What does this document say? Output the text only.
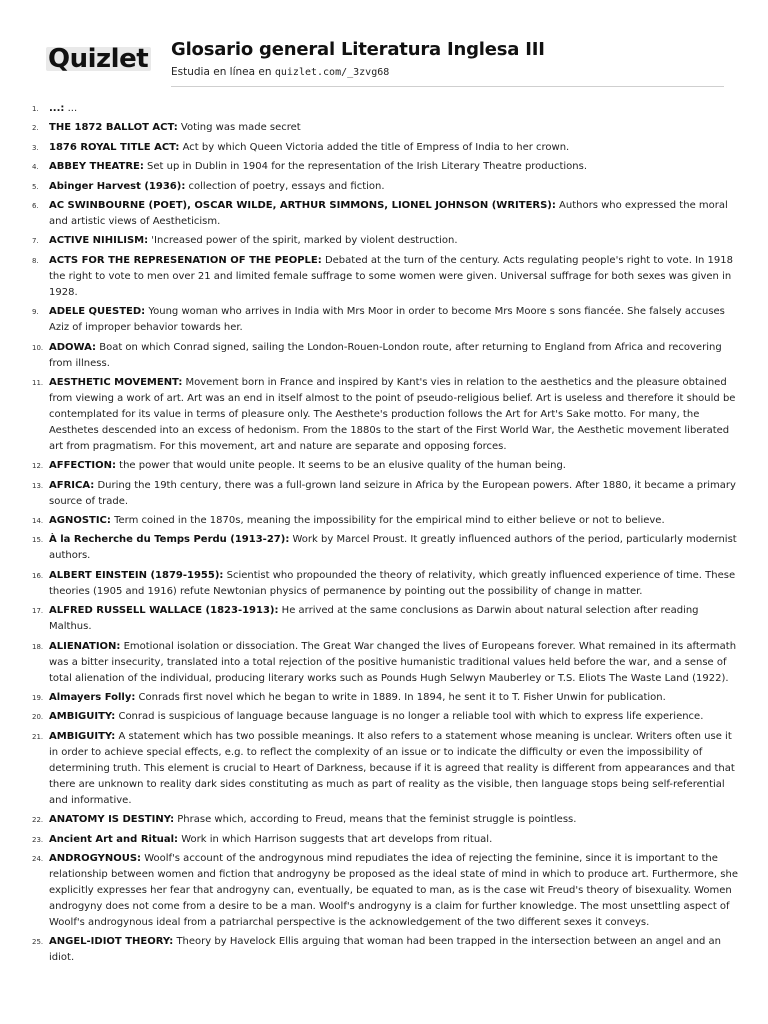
Quizlet Glosario general Literatura Inglesa III
Estudia en línea en quizlet.com/_3zvg68
1. ...: ...
2. THE 1872 BALLOT ACT: Voting was made secret
3. 1876 ROYAL TITLE ACT: Act by which Queen Victoria added the title of Empress of India to her crown.
4. ABBEY THEATRE: Set up in Dublin in 1904 for the representation of the Irish Literary Theatre productions.
5. Abinger Harvest (1936): collection of poetry, essays and fiction.
6. AC SWINBOURNE (POET), OSCAR WILDE, ARTHUR SIMMONS, LIONEL JOHNSON (WRITERS): Authors who expressed the moral and artistic views of Aestheticism.
7. ACTIVE NIHILISM: 'Increased power of the spirit, marked by violent destruction.
8. ACTS FOR THE REPRESENATION OF THE PEOPLE: Debated at the turn of the century. Acts regulating people's right to vote. In 1918 the right to vote to men over 21 and limited female suffrage to some women were given. Universal suffrage for both sexes was given in 1928.
9. ADELE QUESTED: Young woman who arrives in India with Mrs Moor in order to become Mrs Moore s sons fiancée. She falsely accuses Aziz of improper behavior towards her.
10. ADOWA: Boat on which Conrad signed, sailing the London-Rouen-London route, after returning to England from Africa and recovering from illness.
11. AESTHETIC MOVEMENT: Movement born in France and inspired by Kant's vies in relation to the aesthetics and the pleasure obtained from viewing a work of art. Art was an end in itself almost to the point of pseudo-religious belief. Art is useless and therefore it should be contemplated for its value in terms of pleasure only. The Aesthete's production follows the Art for Art's Sake motto. For many, the Aesthetes descended into an excess of hedonism. From the 1880s to the start of the First World War, the Aesthetic movement liberated art from pragmatism. For this movement, art and nature are separate and opposing forces.
12. AFFECTION: the power that would unite people. It seems to be an elusive quality of the human being.
13. AFRICA: During the 19th century, there was a full-grown land seizure in Africa by the European powers. After 1880, it became a primary source of trade.
14. AGNOSTIC: Term coined in the 1870s, meaning the impossibility for the empirical mind to either believe or not to believe.
15. À la Recherche du Temps Perdu (1913-27): Work by Marcel Proust. It greatly influenced authors of the period, particularly modernist authors.
16. ALBERT EINSTEIN (1879-1955): Scientist who propounded the theory of relativity, which greatly influenced experience of time. These theories (1905 and 1916) refute Newtonian physics of permanence by pointing out the possibility of change in matter.
17. ALFRED RUSSELL WALLACE (1823-1913): He arrived at the same conclusions as Darwin about natural selection after reading Malthus.
18. ALIENATION: Emotional isolation or dissociation. The Great War changed the lives of Europeans forever. What remained in its aftermath was a bitter insecurity, translated into a total rejection of the positive humanistic traditional values held before the war, and a sense of total alienation of the individual, producing literary works such as Pounds Hugh Selwyn Mauberley or T.S. Eliots The Waste Land (1922).
19. Almayers Folly: Conrads first novel which he began to write in 1889. In 1894, he sent it to T. Fisher Unwin for publication.
20. AMBIGUITY: Conrad is suspicious of language because language is no longer a reliable tool with which to express life experience.
21. AMBIGUITY: A statement which has two possible meanings. It also refers to a statement whose meaning is unclear. Writers often use it in order to achieve special effects, e.g. to reflect the complexity of an issue or to indicate the difficulty or even the impossibility of determining truth. This element is crucial to Heart of Darkness, because if it is agreed that reality is different from appearances and that there are unknown to reality dark sides constituting as much as part of reality as the visible, then language stops being self-referential and informative.
22. ANATOMY IS DESTINY: Phrase which, according to Freud, means that the feminist struggle is pointless.
23. Ancient Art and Ritual: Work in which Harrison suggests that art develops from ritual.
24. ANDROGYNOUS: Woolf's account of the androgynous mind repudiates the idea of rejecting the feminine, since it is important to the relationship between women and fiction that androgyny be proposed as the ideal state of mind in which to produce art. Furthermore, she explicitly expresses her fear that androgyny can, eventually, be equated to man, as is the case wit Freud's theory of bisexuality. Women androgyny does not come from a desire to be a man. Woolf's androgyny is a claim for further knowledge. The most unsettling aspect of Woolf's androgynous ideal from a patriarchal perspective is the acknowledgement of the two different sexes it conveys.
25. ANGEL-IDIOT THEORY: Theory by Havelock Ellis arguing that woman had been trapped in the intersection between an angel and an idiot.
